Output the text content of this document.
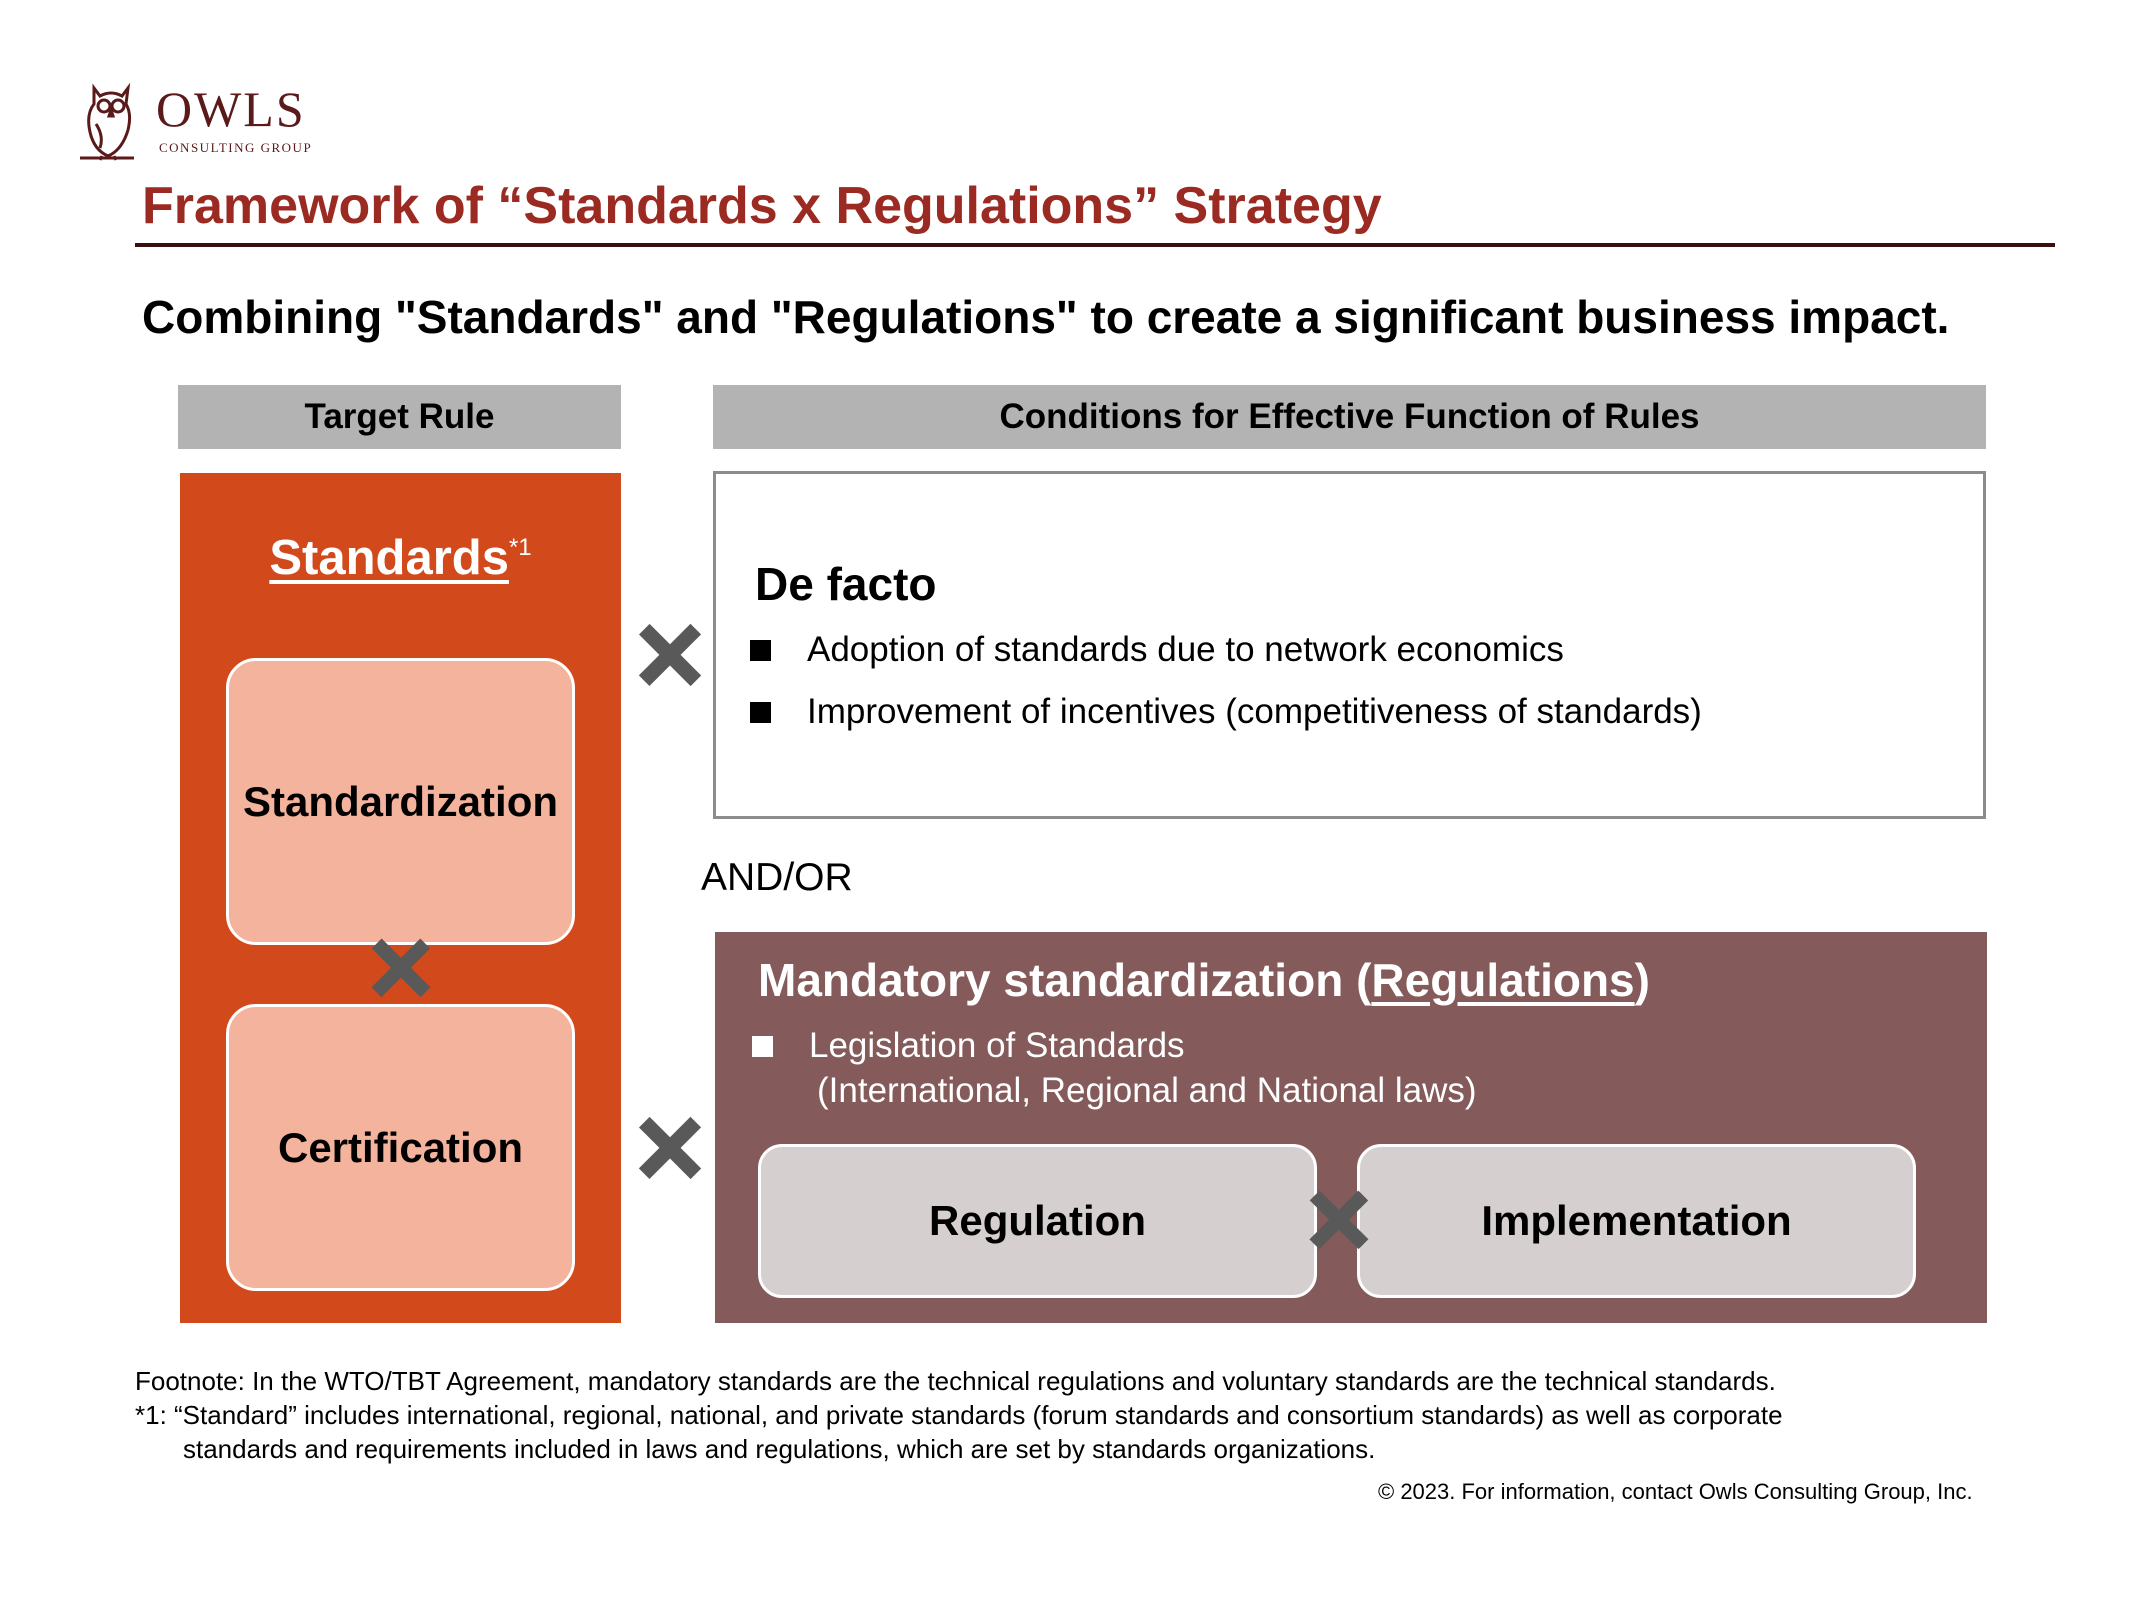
OWLS
CONSULTING GROUP
Framework of “Standards x Regulations” Strategy
Combining "Standards" and "Regulations" to create a significant business impact.
Target Rule	Conditions for Effective Function of Rules
Standards$^{*1}$
Standardization
Certification
De facto
Adoption of standards due to network economics
Improvement of incentives (competitiveness of standards)
AND/OR
Mandatory standardization (Regulations)
Legislation of Standards
(International, Regional and National laws)
Regulation	Implementation
Footnote: In the WTO/TBT Agreement, mandatory standards are the technical regulations and voluntary standards are the technical standards.
*1: “Standard” includes international, regional, national, and private standards (forum standards and consortium standards) as well as corporate
standards and requirements included in laws and regulations, which are set by standards organizations.
© 2023. For information, contact Owls Consulting Group, Inc.
